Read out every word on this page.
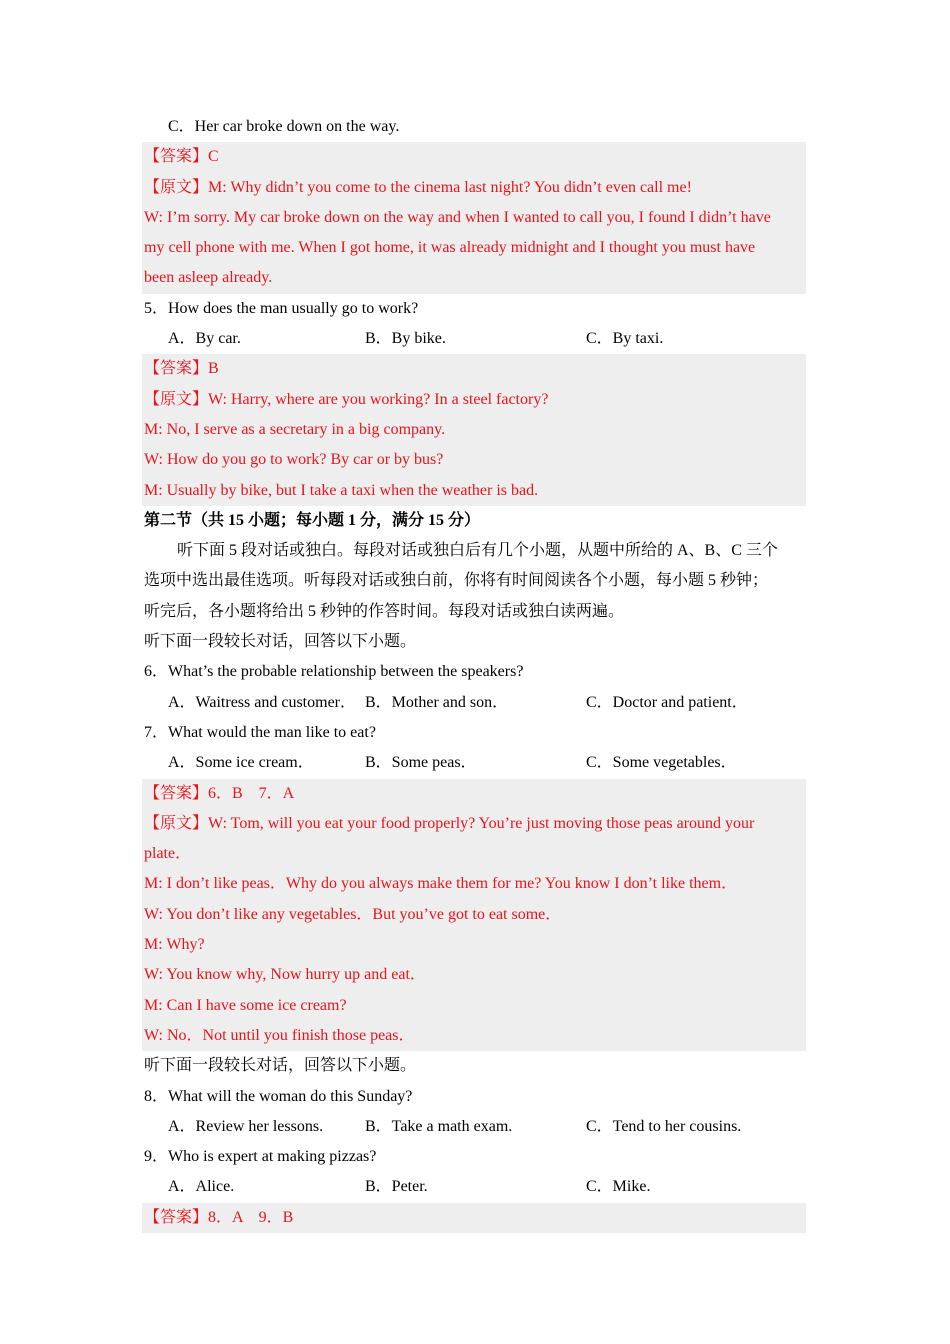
C．Her car broke down on the way.
【答案】C
【原文】M: Why didn’t you come to the cinema last night? You didn’t even call me!
W: I’m sorry. My car broke down on the way and when I wanted to call you, I found I didn’t have
my cell phone with me. When I got home, it was already midnight and I thought you must have
been asleep already.
5．How does the man usually go to work?
A．By car.	B．By bike.	C．By taxi.
【答案】B
【原文】W: Harry, where are you working? In a steel factory?
M: No, I serve as a secretary in a big company.
W: How do you go to work? By car or by bus?
M: Usually by bike, but I take a taxi when the weather is bad.
第二节（共 15 小题；每小题 1 分，满分 15 分）
听下面 5 段对话或独白。每段对话或独白后有几个小题，从题中所给的 A、B、C 三个
选项中选出最佳选项。听每段对话或独白前，你将有时间阅读各个小题，每小题 5 秒钟；
听完后，各小题将给出 5 秒钟的作答时间。每段对话或独白读两遍。
听下面一段较长对话，回答以下小题。
6．What’s the probable relationship between the speakers?
A．Waitress and customer． B．Mother and son．	C．Doctor and patient．
7．What would the man like to eat?
A．Some ice cream．	B．Some peas．	C．Some vegetables．
【答案】6．B　7．A
【原文】W: Tom, will you eat your food properly? You’re just moving those peas around your
plate．
M: I don’t like peas．Why do you always make them for me? You know I don’t like them．
W: You don’t like any vegetables．But you’ve got to eat some．
M: Why?
W: You know why, Now hurry up and eat．
M: Can I have some ice cream?
W: No．Not until you finish those peas．
听下面一段较长对话，回答以下小题。
8．What will the woman do this Sunday?
A．Review her lessons.	B．Take a math exam.	C．Tend to her cousins.
9．Who is expert at making pizzas?
A．Alice.	B．Peter.	C．Mike.
【答案】8．A　9．B
